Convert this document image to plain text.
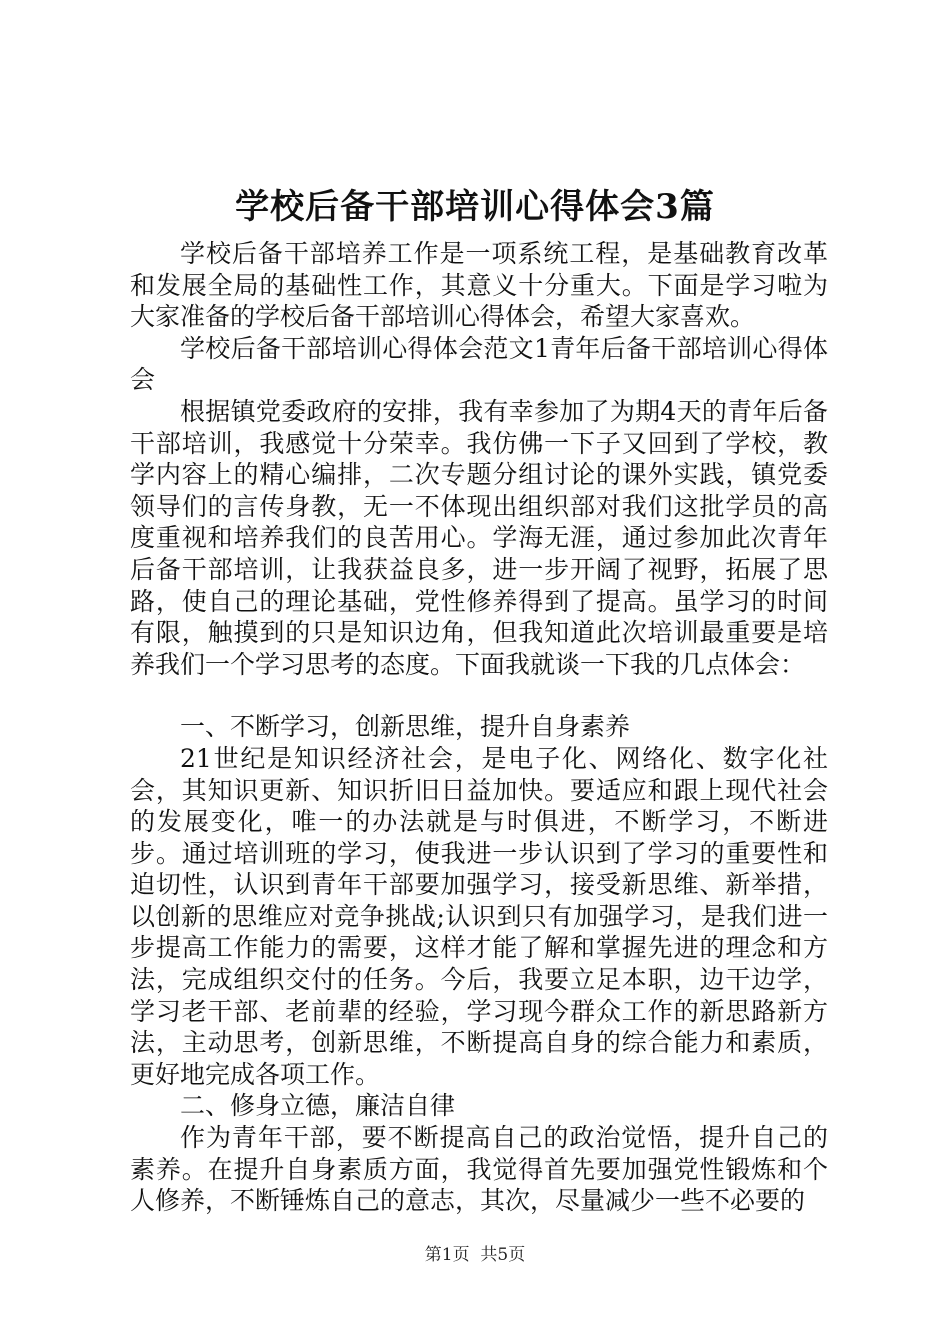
学校后备干部培训心得体会3篇

学校后备干部培养工作是一项系统工程，是基础教育改革和发展全局的基础性工作，其意义十分重大。下面是学习啦为大家准备的学校后备干部培训心得体会，希望大家喜欢。

学校后备干部培训心得体会范文1青年后备干部培训心得体会

根据镇党委政府的安排，我有幸参加了为期4天的青年后备干部培训，我感觉十分荣幸。我仿佛一下子又回到了学校，教学内容上的精心编排，二次专题分组讨论的课外实践，镇党委领导们的言传身教，无一不体现出组织部对我们这批学员的高度重视和培养我们的良苦用心。学海无涯，通过参加此次青年后备干部培训，让我获益良多，进一步开阔了视野，拓展了思路，使自己的理论基础，党性修养得到了提高。虽学习的时间有限，触摸到的只是知识边角，但我知道此次培训最重要是培养我们一个学习思考的态度。下面我就谈一下我的几点体会：

一、不断学习，创新思维，提升自身素养

21世纪是知识经济社会，是电子化、网络化、数字化社会，其知识更新、知识折旧日益加快。要适应和跟上现代社会的发展变化，唯一的办法就是与时俱进，不断学习，不断进步。通过培训班的学习，使我进一步认识到了学习的重要性和迫切性，认识到青年干部要加强学习，接受新思维、新举措，以创新的思维应对竞争挑战;认识到只有加强学习，是我们进一步提高工作能力的需要，这样才能了解和掌握先进的理念和方法，完成组织交付的任务。今后，我要立足本职，边干边学，学习老干部、老前辈的经验，学习现今群众工作的新思路新方法，主动思考，创新思维，不断提高自身的综合能力和素质，更好地完成各项工作。

二、修身立德，廉洁自律

作为青年干部，要不断提高自己的政治觉悟，提升自己的素养。在提升自身素质方面，我觉得首先要加强党性锻炼和个人修养，不断锤炼自己的意志，其次，尽量减少一些不必要的

第1页  共5页
